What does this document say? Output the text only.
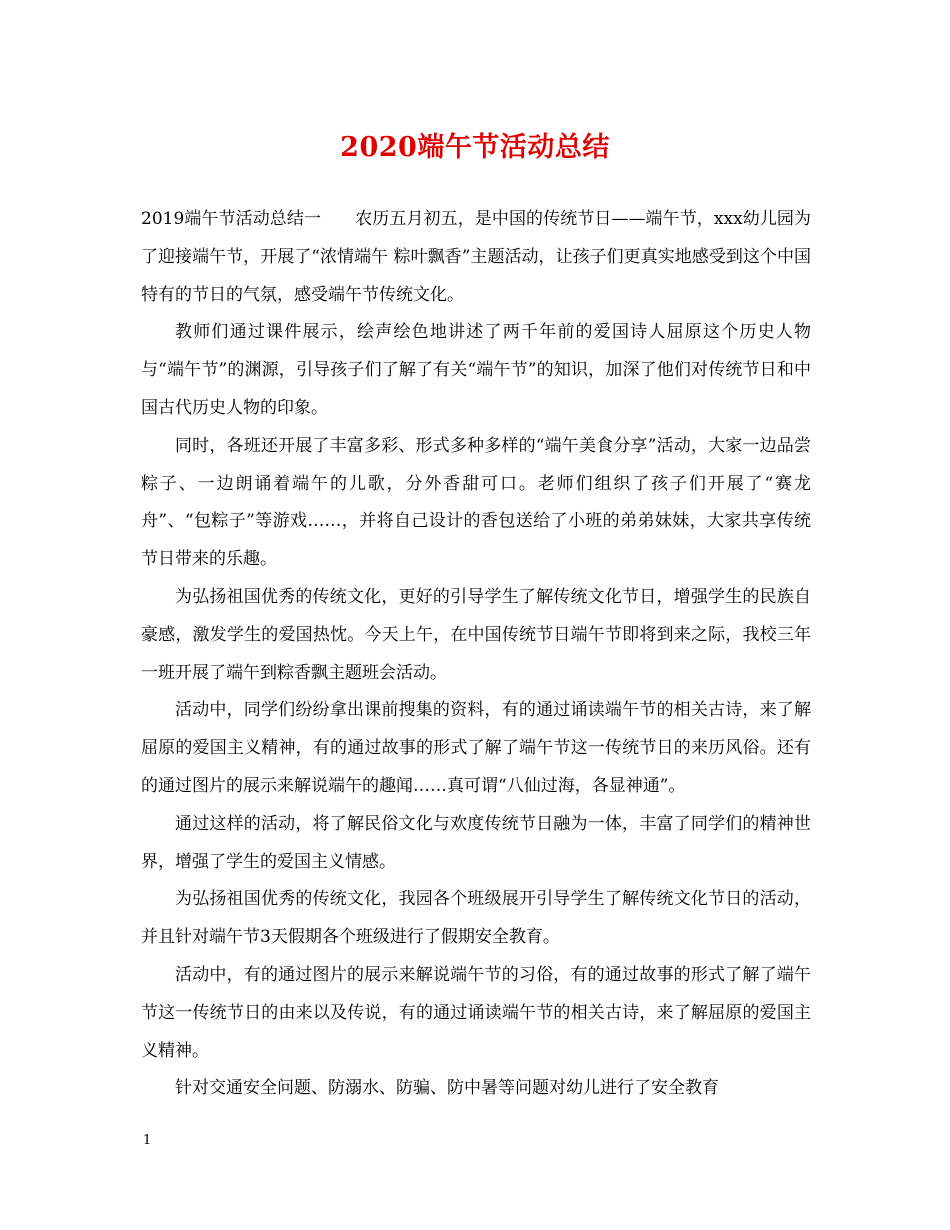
2020端午节活动总结

2019端午节活动总结一　　农历五月初五，是中国的传统节日——端午节，xxx幼儿园为了迎接端午节，开展了“浓情端午 粽叶飘香”主题活动，让孩子们更真实地感受到这个中国特有的节日的气氛，感受端午节传统文化。

教师们通过课件展示，绘声绘色地讲述了两千年前的爱国诗人屈原这个历史人物与“端午节”的渊源，引导孩子们了解了有关“端午节”的知识，加深了他们对传统节日和中国古代历史人物的印象。

同时，各班还开展了丰富多彩、形式多种多样的“端午美食分享”活动，大家一边品尝粽子、一边朗诵着端午的儿歌，分外香甜可口。老师们组织了孩子们开展了“赛龙舟”、“包粽子”等游戏……，并将自己设计的香包送给了小班的弟弟妹妹，大家共享传统节日带来的乐趣。

为弘扬祖国优秀的传统文化，更好的引导学生了解传统文化节日，增强学生的民族自豪感，激发学生的爱国热忱。今天上午，在中国传统节日端午节即将到来之际，我校三年一班开展了端午到粽香飘主题班会活动。

活动中，同学们纷纷拿出课前搜集的资料，有的通过诵读端午节的相关古诗，来了解屈原的爱国主义精神，有的通过故事的形式了解了端午节这一传统节日的来历风俗。还有的通过图片的展示来解说端午的趣闻……真可谓“八仙过海，各显神通”。

通过这样的活动，将了解民俗文化与欢度传统节日融为一体，丰富了同学们的精神世界，增强了学生的爱国主义情感。

为弘扬祖国优秀的传统文化，我园各个班级展开引导学生了解传统文化节日的活动，并且针对端午节3天假期各个班级进行了假期安全教育。

活动中，有的通过图片的展示来解说端午节的习俗，有的通过故事的形式了解了端午节这一传统节日的由来以及传说，有的通过诵读端午节的相关古诗，来了解屈原的爱国主义精神。

针对交通安全问题、防溺水、防骗、防中暑等问题对幼儿进行了安全教育

1
